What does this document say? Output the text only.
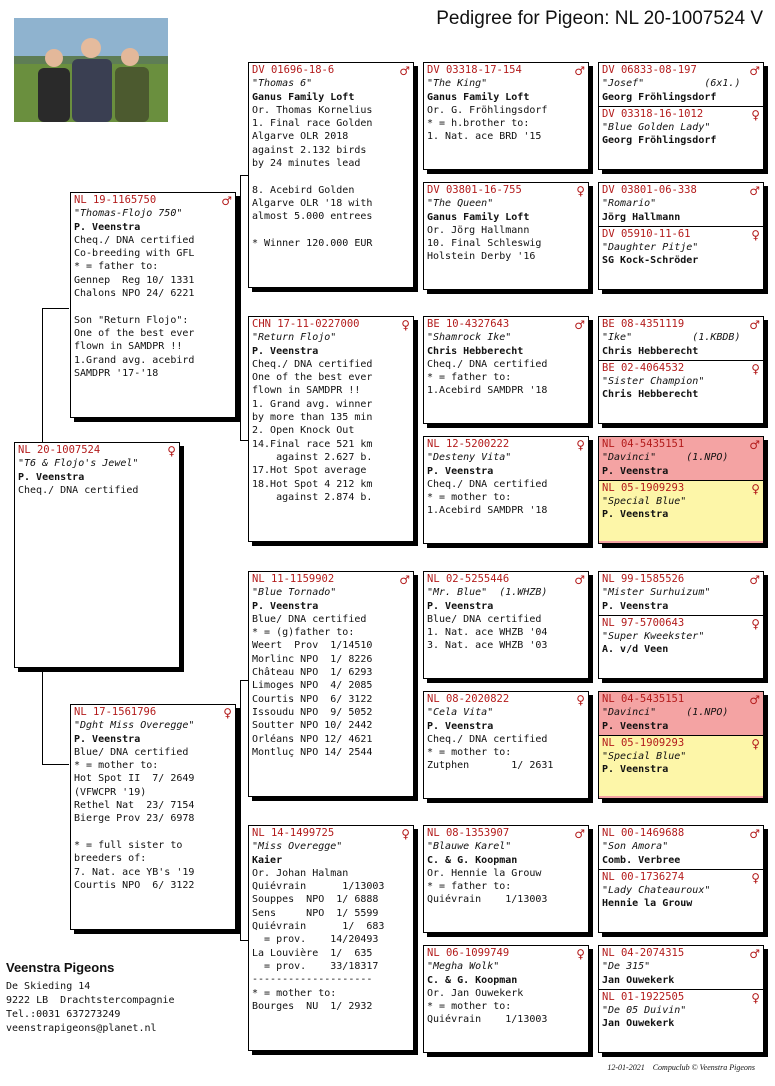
Pedigree for Pigeon: NL 20-1007524 V
NL 20-1007524	♀
"T6 & Flojo's Jewel"
P. Veenstra
Cheq./ DNA certified
NL 19-1165750	♂
"Thomas-Flojo 750"
P. Veenstra
Cheq./ DNA certified
Co-breeding with GFL
* = father to:
Gennep  Reg 10/ 1331
Chalons NPO 24/ 6221

Son "Return Flojo":
One of the best ever
flown in SAMDPR !!
1.Grand avg. acebird
SAMDPR '17-'18
NL 17-1561796	♀
"Dght Miss Overegge"
P. Veenstra
Blue/ DNA certified
* = mother to:
Hot Spot II  7/ 2649
(VFWCPR '19)
Rethel Nat  23/ 7154
Bierge Prov 23/ 6978

* = full sister to
breeders of:
7. Nat. ace YB's '19
Courtis NPO  6/ 3122
DV 01696-18-6	♂
"Thomas 6"
Ganus Family Loft
Or. Thomas Kornelius
1. Final race Golden
Algarve OLR 2018
against 2.132 birds
by 24 minutes lead

8. Acebird Golden
Algarve OLR '18 with
almost 5.000 entrees

* Winner 120.000 EUR
CHN 17-11-0227000	♀
"Return Flojo"
P. Veenstra
Cheq./ DNA certified
One of the best ever
flown in SAMDPR !!
1. Grand avg. winner
by more than 135 min
2. Open Knock Out
14.Final race 521 km
against 2.627 b.
17.Hot Spot average
18.Hot Spot 4 212 km
against 2.874 b.
NL 11-1159902	♂
"Blue Tornado"
P. Veenstra
Blue/ DNA certified
* = (g)father to:
Weert  Prov  1/14510
Morlinc NPO  1/ 8226
Château NPO  1/ 6293
Limoges NPO  4/ 2085
Courtis NPO  6/ 3122
Issoudu NPO  9/ 5052
Soutter NPO 10/ 2442
Orléans NPO 12/ 4621
Montluç NPO 14/ 2544
NL 14-1499725	♀
"Miss Overegge"
Kaier
Or. Johan Halman
Quiévrain      1/13003
Souppes  NPO  1/ 6888
Sens     NPO  1/ 5599
Quiévrain      1/  683
= prov.    14/20493
La Louvière  1/  635
= prov.    33/18317
--------------------
* = mother to:
Bourges  NU  1/ 2932
DV 03318-17-154	♂
"The King"
Ganus Family Loft
Or. G. Fröhlingsdorf
* = h.brother to:
1. Nat. ace BRD '15
DV 03801-16-755	♀
"The Queen"
Ganus Family Loft
Or. Jörg Hallmann
10. Final Schleswig
Holstein Derby '16
BE 10-4327643	♂
"Shamrock Ike"
Chris Hebberecht
Cheq./ DNA certified
* = father to:
1.Acebird SAMDPR '18
NL 12-5200222	♀
"Desteny Vita"
P. Veenstra
Cheq./ DNA certified
* = mother to:
1.Acebird SAMDPR '18
NL 02-5255446	♂
"Mr. Blue"  (1.WHZB)
P. Veenstra
Blue/ DNA certified
1. Nat. ace WHZB '04
3. Nat. ace WHZB '03
NL 08-2020822	♀
"Cela Vita"
P. Veenstra
Cheq./ DNA certified
* = mother to:
Zutphen       1/ 2631
NL 08-1353907	♂
"Blauwe Karel"
C. & G. Koopman
Or. Hennie la Grouw
* = father to:
Quiévrain    1/13003
NL 06-1099749	♀
"Megha Wolk"
C. & G. Koopman
Or. Jan Ouwekerk
* = mother to:
Quiévrain    1/13003
DV 06833-08-197	♂
"Josef"          (6x1.)
Georg Fröhlingsdorf
DV 03318-16-1012	♀
"Blue Golden Lady"
Georg Fröhlingsdorf
DV 03801-06-338	♂
"Romario"
Jörg Hallmann
DV 05910-11-61	♀
"Daughter Pitje"
SG Kock-Schröder
BE 08-4351119	♂
"Ike"          (1.KBDB)
Chris Hebberecht
BE 02-4064532	♀
"Sister Champion"
Chris Hebberecht
NL 04-5435151	♂
"Davinci"     (1.NPO)
P. Veenstra
NL 05-1909293	♀
"Special Blue"
P. Veenstra
NL 99-1585526	♂
"Mister Surhuizum"
P. Veenstra
NL 97-5700643	♀
"Super Kweekster"
A. v/d Veen
NL 04-5435151	♂
"Davinci"     (1.NPO)
P. Veenstra
NL 05-1909293	♀
"Special Blue"
P. Veenstra
NL 00-1469688	♂
"Son Amora"
Comb. Verbree
NL 00-1736274	♀
"Lady Chateauroux"
Hennie la Grouw
NL 04-2074315	♂
"De 315"
Jan Ouwekerk
NL 01-1922505	♀
"De 05 Duivin"
Jan Ouwekerk
Veenstra Pigeons
De Skieding 14
9222 LB  Drachtstercompagnie
Tel.:0031 637273249
veenstrapigeons@planet.nl
12-01-2021    Compuclub © Veenstra Pigeons
